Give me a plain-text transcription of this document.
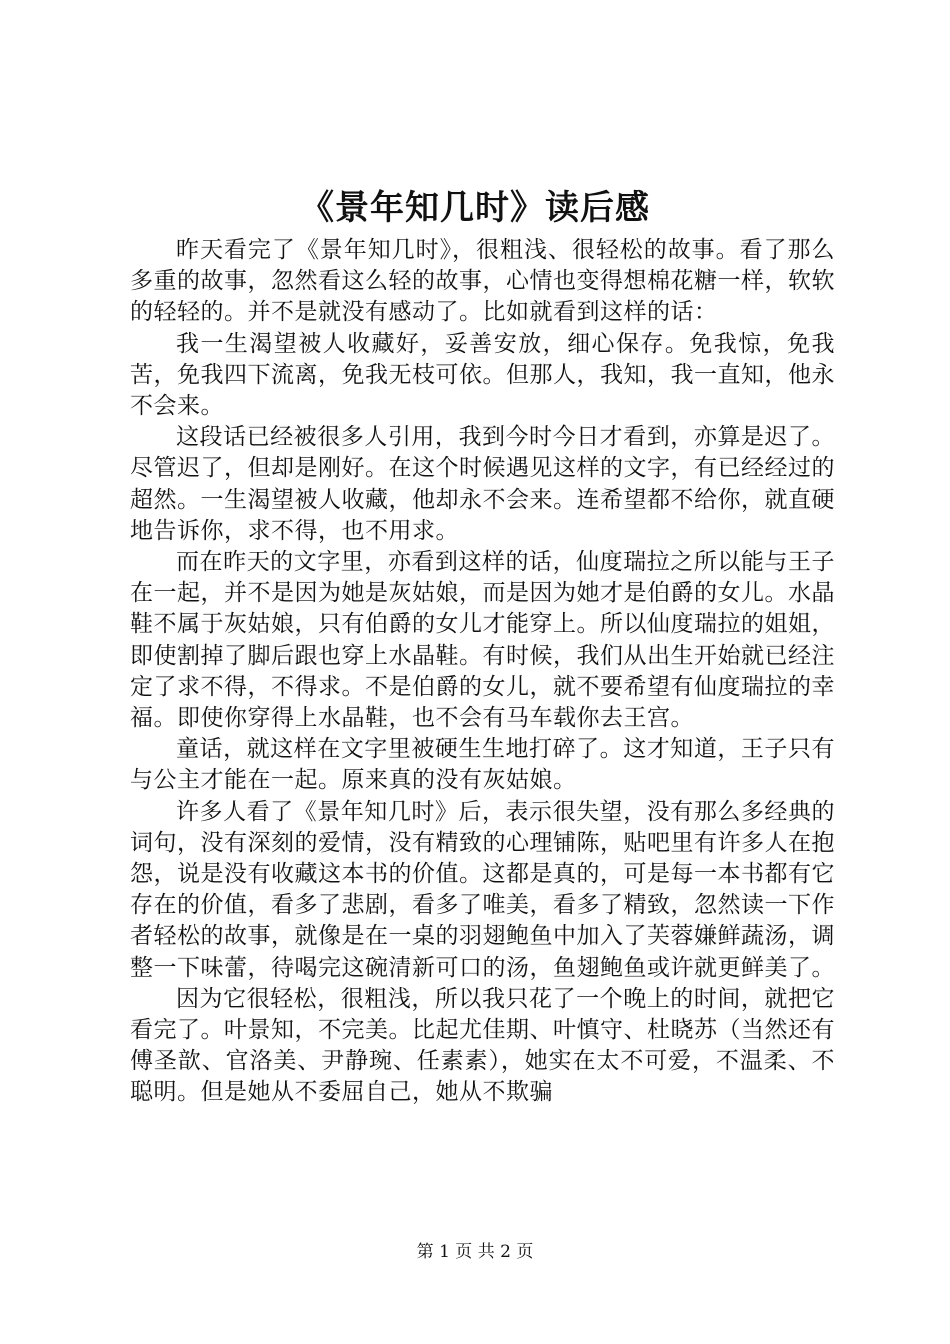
《景年知几时》读后感

昨天看完了《景年知几时》，很粗浅、很轻松的故事。看了那么多重的故事，忽然看这么轻的故事，心情也变得想棉花糖一样，软软的轻轻的。并不是就没有感动了。比如就看到这样的话：

我一生渴望被人收藏好，妥善安放，细心保存。免我惊，免我苦，免我四下流离，免我无枝可依。但那人，我知，我一直知，他永不会来。

这段话已经被很多人引用，我到今时今日才看到，亦算是迟了。尽管迟了，但却是刚好。在这个时候遇见这样的文字，有已经经过的超然。一生渴望被人收藏，他却永不会来。连希望都不给你，就直硬地告诉你，求不得，也不用求。

而在昨天的文字里，亦看到这样的话，仙度瑞拉之所以能与王子在一起，并不是因为她是灰姑娘，而是因为她才是伯爵的女儿。水晶鞋不属于灰姑娘，只有伯爵的女儿才能穿上。所以仙度瑞拉的姐姐，即使割掉了脚后跟也穿上水晶鞋。有时候，我们从出生开始就已经注定了求不得，不得求。不是伯爵的女儿，就不要希望有仙度瑞拉的幸福。即使你穿得上水晶鞋，也不会有马车载你去王宫。

童话，就这样在文字里被硬生生地打碎了。这才知道，王子只有与公主才能在一起。原来真的没有灰姑娘。

许多人看了《景年知几时》后，表示很失望，没有那么多经典的词句，没有深刻的爱情，没有精致的心理铺陈，贴吧里有许多人在抱怨，说是没有收藏这本书的价值。这都是真的，可是每一本书都有它存在的价值，看多了悲剧，看多了唯美，看多了精致，忽然读一下作者轻松的故事，就像是在一桌的羽翅鲍鱼中加入了芙蓉嫌鲜蔬汤，调整一下味蕾，待喝完这碗清新可口的汤，鱼翅鲍鱼或许就更鲜美了。

因为它很轻松，很粗浅，所以我只花了一个晚上的时间，就把它看完了。叶景知，不完美。比起尤佳期、叶慎守、杜晓苏（当然还有傅圣歆、官洛美、尹静琬、任素素），她实在太不可爱，不温柔、不聪明。但是她从不委屈自己，她从不欺骗

第 1 页 共 2 页
